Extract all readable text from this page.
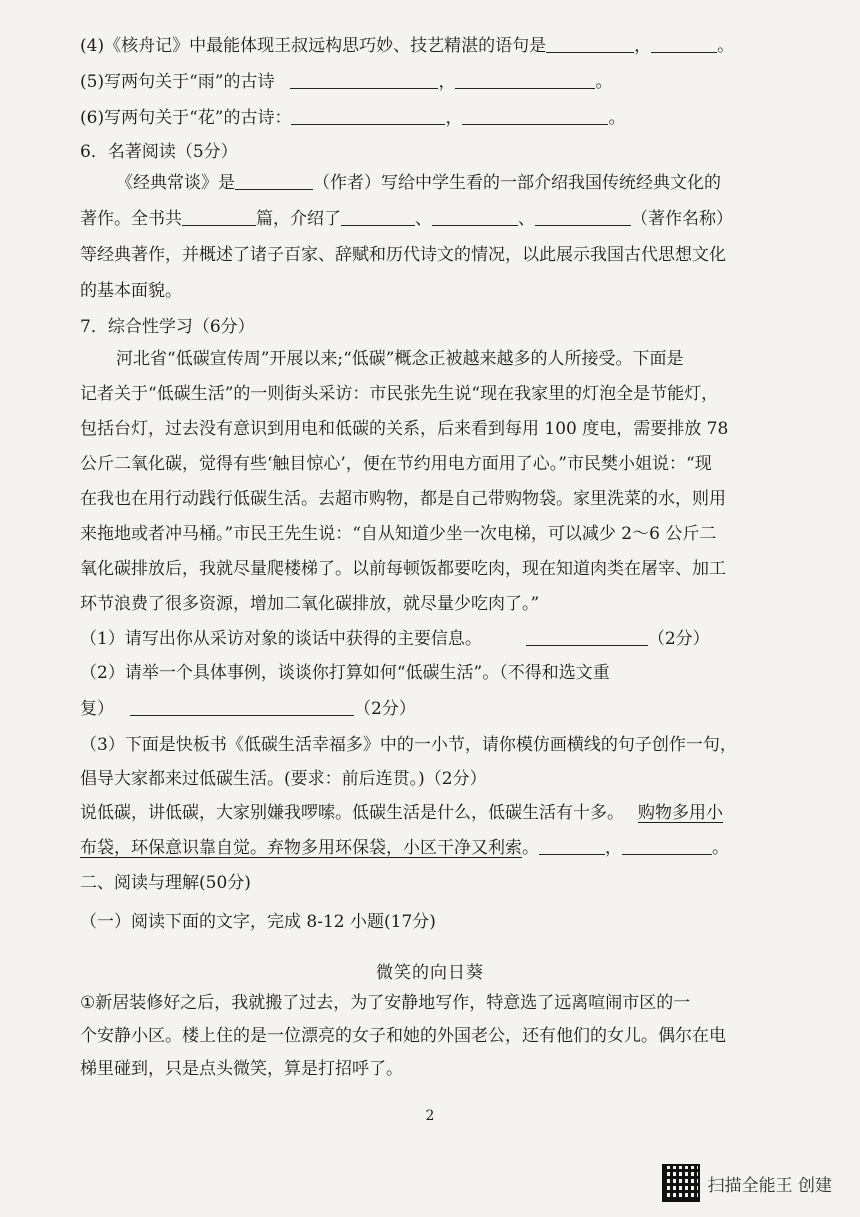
(4)《核舟记》中最能体现王叔远构思巧妙、技艺精湛的语句是	，	。
(5)写两句关于“雨”的古诗	，	。
(6)写两句关于“花”的古诗：	，	。
6．名著阅读（5分）
《经典常谈》是	（作者）写给中学生看的一部介绍我国传统经典文化的
著作。全书共	篇，介绍了	、	、	（著作名称）
等经典著作，并概述了诸子百家、辞赋和历代诗文的情况，以此展示我国古代思想文化
的基本面貌。
7．综合性学习（6分）
河北省“低碳宣传周”开展以来;“低碳”概念正被越来越多的人所接受。下面是
记者关于“低碳生活”的一则街头采访：市民张先生说“现在我家里的灯泡全是节能灯，
包括台灯，过去没有意识到用电和低碳的关系，后来看到每用 100 度电，需要排放 78
公斤二氧化碳，觉得有些‘触目惊心’，便在节约用电方面用了心。”市民樊小姐说：“现
在我也在用行动践行低碳生活。去超市购物，都是自己带购物袋。家里洗菜的水，则用
来拖地或者冲马桶。”市民王先生说：“自从知道少坐一次电梯，可以减少 2～6 公斤二
氧化碳排放后，我就尽量爬楼梯了。以前每顿饭都要吃肉，现在知道肉类在屠宰、加工
环节浪费了很多资源，增加二氧化碳排放，就尽量少吃肉了。”
（1）请写出你从采访对象的谈话中获得的主要信息。	（2分）
（2）请举一个具体事例，谈谈你打算如何“低碳生活”。（不得和选文重
复）	（2分）
（3）下面是快板书《低碳生活幸福多》中的一小节，请你模仿画横线的句子创作一句，
倡导大家都来过低碳生活。(要求：前后连贯。)（2分）
说低碳，讲低碳，大家别嫌我啰嗦。低碳生活是什么，低碳生活有十多。 购物多用小
布袋，环保意识靠自觉。弃物多用环保袋，小区干净又利索。	，	。
二、阅读与理解(50分)
（一）阅读下面的文字，完成 8-12 小题(17分)
微笑的向日葵
①新居装修好之后，我就搬了过去，为了安静地写作，特意选了远离喧闹市区的一
个安静小区。楼上住的是一位漂亮的女子和她的外国老公，还有他们的女儿。偶尔在电
梯里碰到，只是点头微笑，算是打招呼了。
2
扫描全能王 创建
